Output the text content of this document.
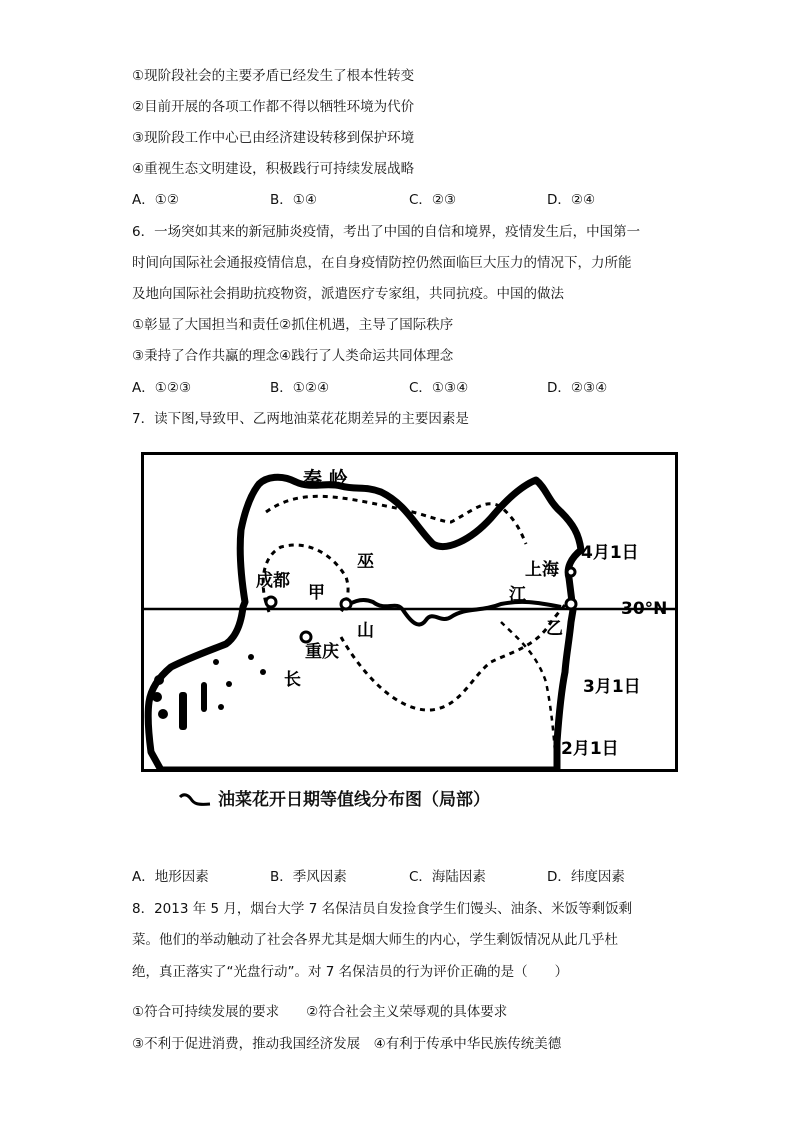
①现阶段社会的主要矛盾已经发生了根本性转变
②目前开展的各项工作都不得以牺牲环境为代价
③现阶段工作中心已由经济建设转移到保护环境
④重视生态文明建设，积极践行可持续发展战略
A．①②	B．①④	C．②③	D．②④
6．一场突如其来的新冠肺炎疫情，考出了中国的自信和境界，疫情发生后，中国第一
时间向国际社会通报疫情信息，在自身疫情防控仍然面临巨大压力的情况下，力所能
及地向国际社会捐助抗疫物资，派遣医疗专家组，共同抗疫。中国的做法
①彰显了大国担当和责任②抓住机遇，主导了国际秩序
③秉持了合作共赢的理念④践行了人类命运共同体理念
A．①②③	B．①②④	C．①③④	D．②③④
7．读下图,导致甲、乙两地油菜花花期差异的主要因素是
秦 岭
成都
甲
巫
山
重庆
长
江
上海
乙
30°N
4月1日
3月1日
2月1日
油菜花开日期等值线分布图（局部）
A．地形因素	B．季风因素	C．海陆因素	D．纬度因素
8．2013 年 5 月，烟台大学 7 名保洁员自发捡食学生们馒头、油条、米饭等剩饭剩
菜。他们的举动触动了社会各界尤其是烟大师生的内心，学生剩饭情况从此几乎杜
绝，真正落实了“光盘行动”。对 7 名保洁员的行为评价正确的是（　　）
①符合可持续发展的要求　　②符合社会主义荣辱观的具体要求
③不利于促进消费，推动我国经济发展　④有利于传承中华民族传统美德
